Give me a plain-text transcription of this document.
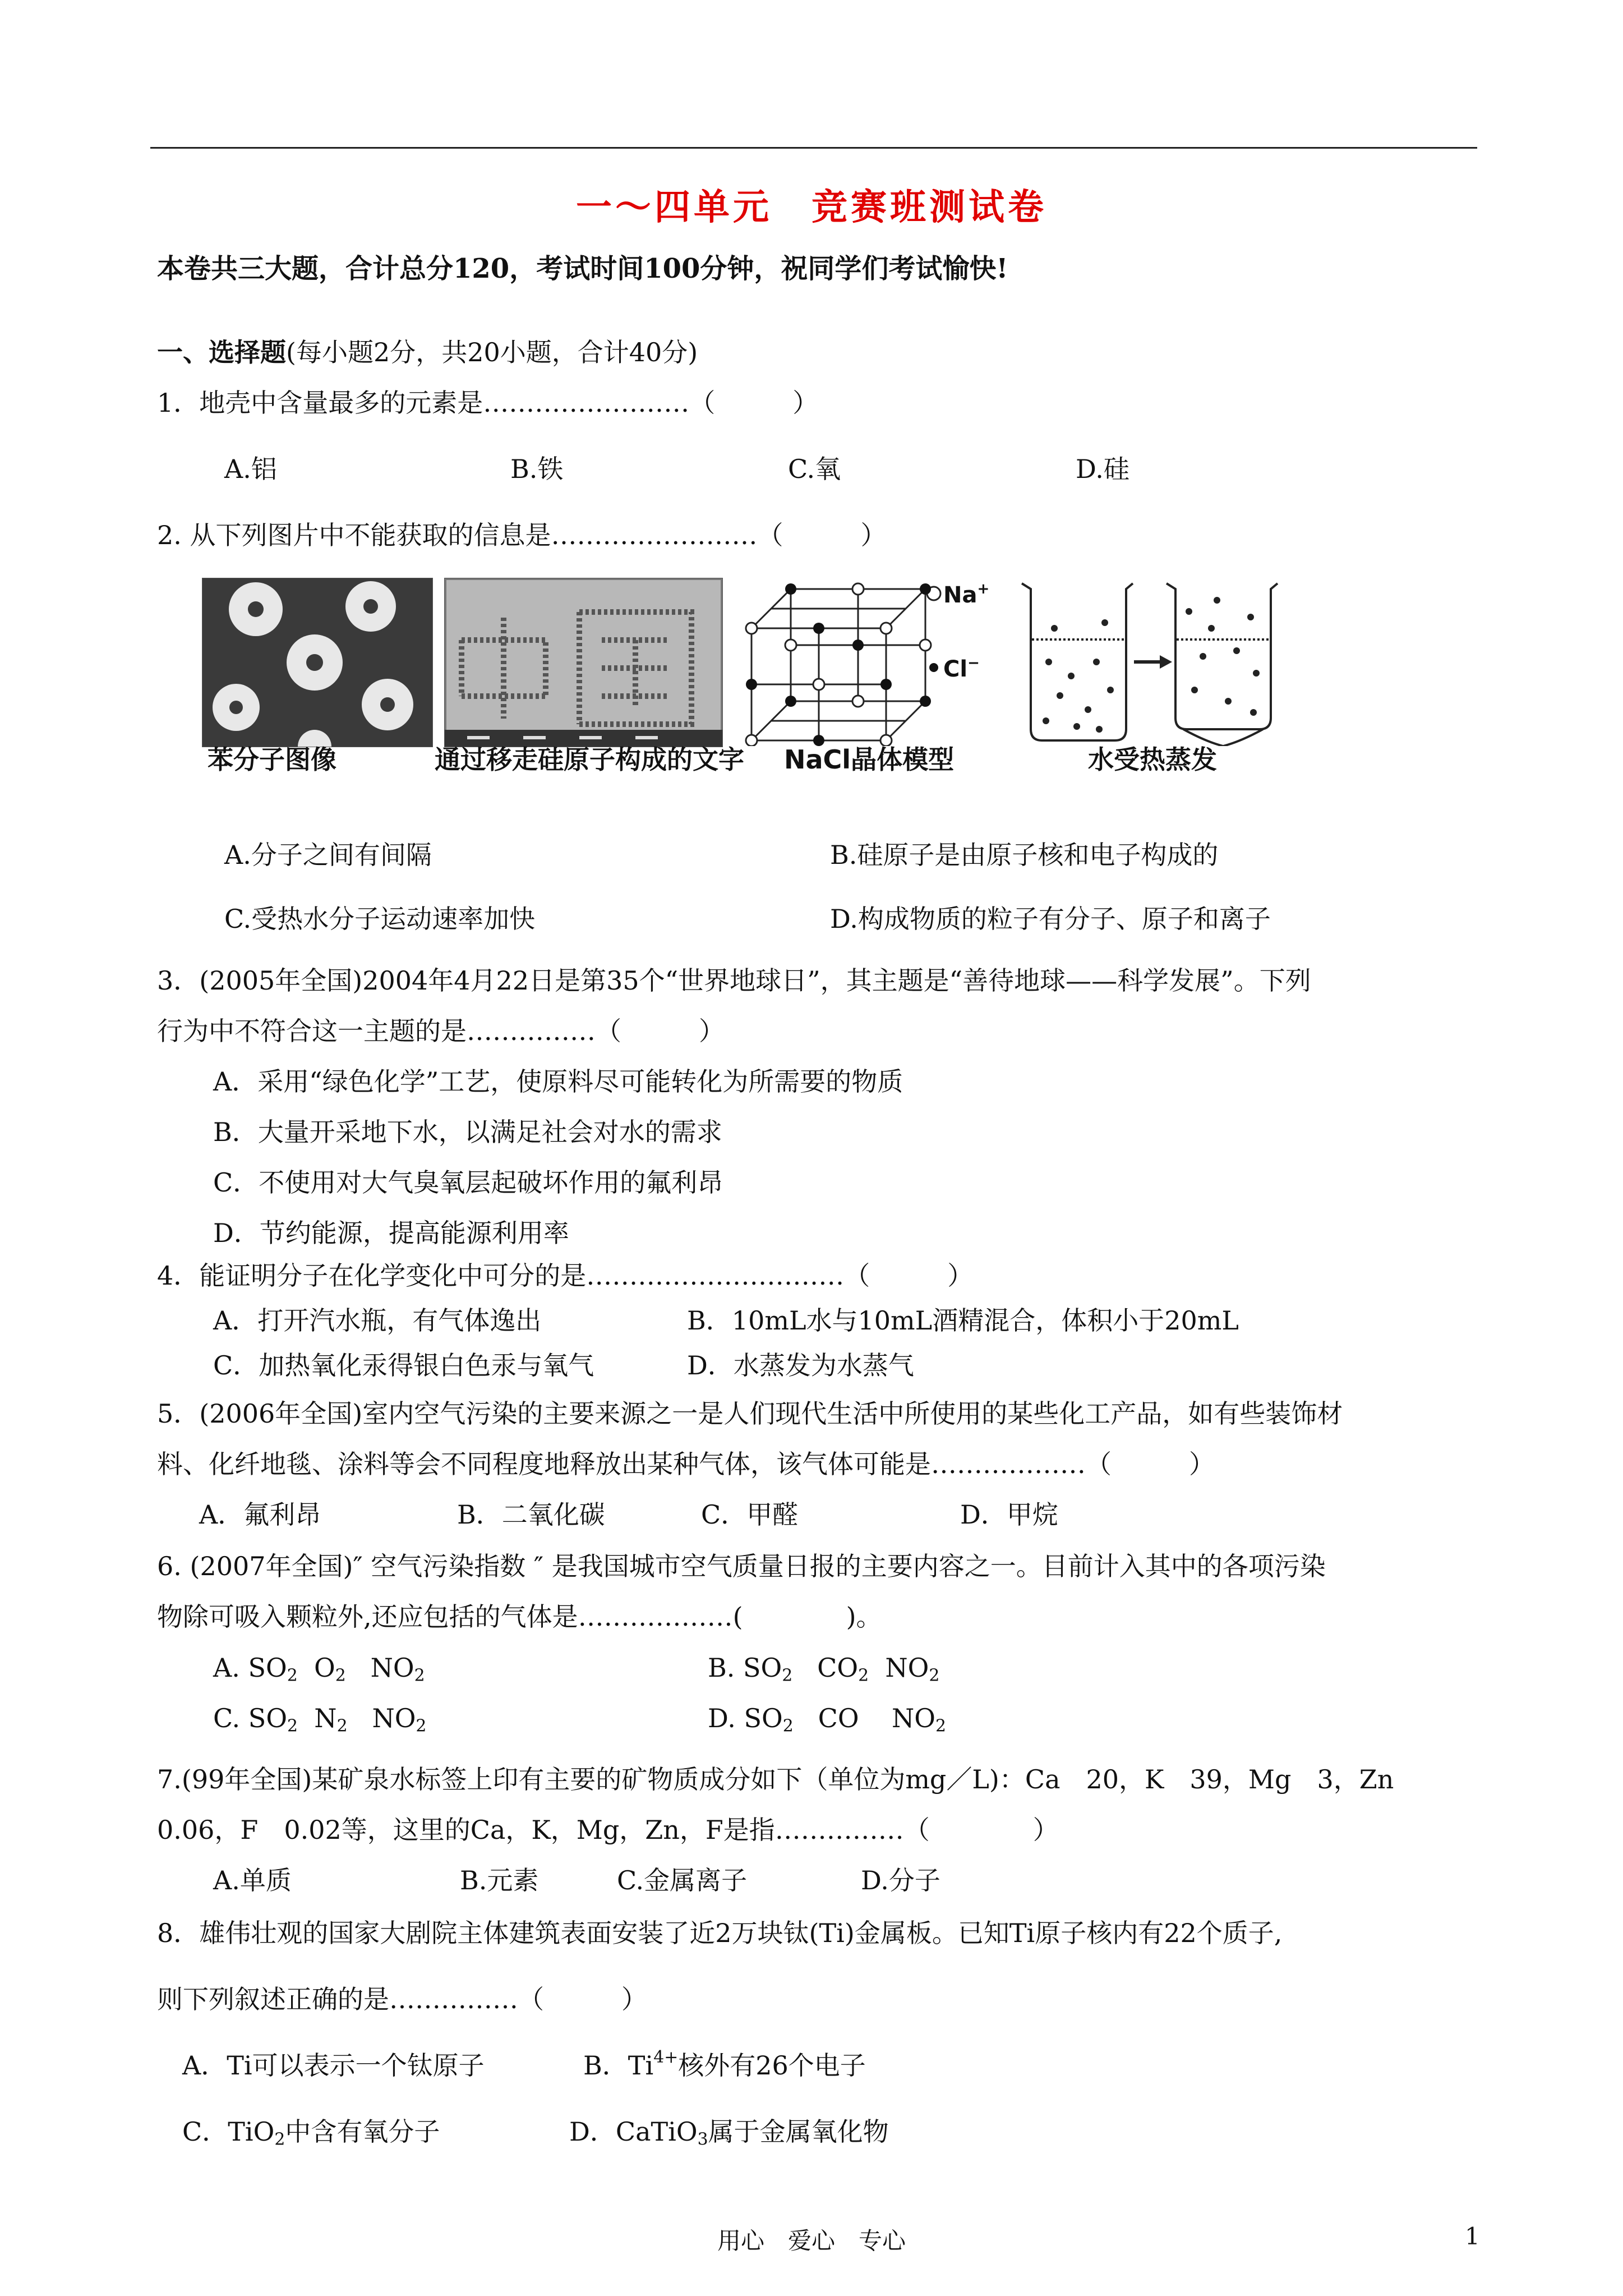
一～四单元　竞赛班测试卷
本卷共三大题，合计总分120，考试时间100分钟，祝同学们考试愉快!
一、选择题(每小题2分，共20小题，合计40分)
1．地壳中含量最多的元素是……………………（　　　）
A.铝	B.铁	C.氧	D.硅
2. 从下列图片中不能获取的信息是……………………（　　　）
Na+
Cl−
苯分子图像	通过移走硅原子构成的文字 NaCl晶体模型	水受热蒸发
A.分子之间有间隔	B.硅原子是由原子核和电子构成的
C.受热水分子运动速率加快	D.构成物质的粒子有分子、原子和离子
3．(2005年全国)2004年4月22日是第35个“世界地球日”，其主题是“善待地球——科学发展”。下列
行为中不符合这一主题的是……………（　　　）
A．采用“绿色化学”工艺，使原料尽可能转化为所需要的物质
B．大量开采地下水，以满足社会对水的需求
C．不使用对大气臭氧层起破坏作用的氟利昂
D．节约能源，提高能源利用率
4．能证明分子在化学变化中可分的是…………………………（　　　）
A．打开汽水瓶，有气体逸出	B．10mL水与10mL酒精混合，体积小于20mL
C．加热氧化汞得银白色汞与氧气	D．水蒸发为水蒸气
5．(2006年全国)室内空气污染的主要来源之一是人们现代生活中所使用的某些化工产品，如有些装饰材
料、化纤地毯、涂料等会不同程度地释放出某种气体，该气体可能是………………（　　　）
A．氟利昂	B．二氧化碳	C．甲醛	D．甲烷
6. (2007年全国)″ 空气污染指数 ″ 是我国城市空气质量日报的主要内容之一。目前计入其中的各项污染
物除可吸入颗粒外,还应包括的气体是………………(　　　　)。
A. $SO_2$  $O_2$   $NO_2$	B. $SO_2$   $CO_2$  $NO_2$
C. $SO_2$  $N_2$   $NO_2$	D. $SO_2$   CO    $NO_2$
7.(99年全国)某矿泉水标签上印有主要的矿物质成分如下（单位为mg／L)：Ca　20，K　39，Mg　3，Zn
0.06，F　0.02等，这里的Ca，K，Mg，Zn，F是指……………（　　　　）
A.单质	B.元素	C.金属离子	D.分子
8．雄伟壮观的国家大剧院主体建筑表面安装了近2万块钛(Ti)金属板。已知Ti原子核内有22个质子,
则下列叙述正确的是……………（　　　）
A．Ti可以表示一个钛原子	B．$Ti^{4+}$核外有26个电子
C．TiO$_2$中含有氧分子	D．CaTiO$_3$属于金属氧化物
用心　爱心　专心	1
